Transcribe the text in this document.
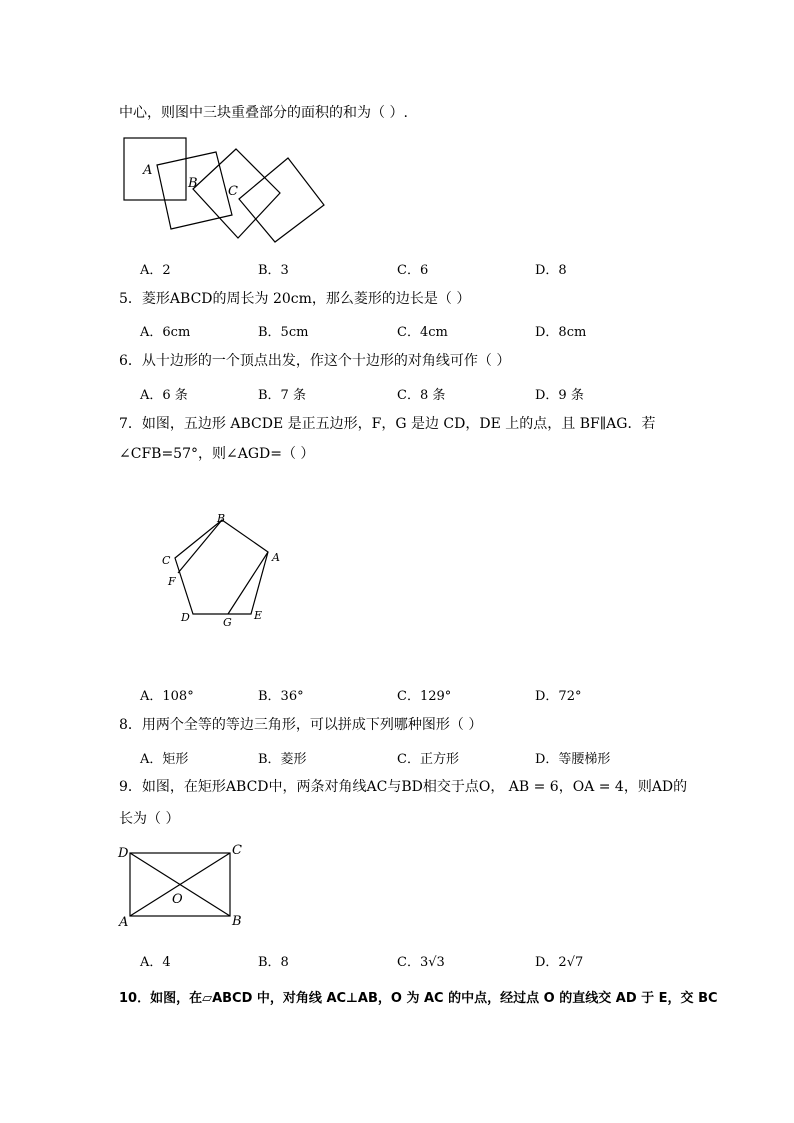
中心，则图中三块重叠部分的面积的和为（ ）.
A
B
C
A．2	B．3	C．6	D．8
5．菱形ABCD的周长为 20cm，那么菱形的边长是（ ）
A．6cm	B．5cm	C．4cm	D．8cm
6．从十边形的一个顶点出发，作这个十边形的对角线可作（ ）
A．6 条	B．7 条	C．8 条	D．9 条
7．如图，五边形 ABCDE 是正五边形，F，G 是边 CD，DE 上的点，且 BF∥AG．若
∠CFB=57°，则∠AGD=（ ）
B
C
F
A
D	G
E
A．108°	B．36°	C．129°	D．72°
8．用两个全等的等边三角形，可以拼成下列哪种图形（ ）
A．矩形	B．菱形	C．正方形	D．等腰梯形
9．如图，在矩形ABCD中，两条对角线AC与BD相交于点O， AB = 6，OA = 4，则AD的
长为（ ）
D	C
O
A	B
A．4	B．8	C．3√3	D．2√7
10．如图，在▱ABCD 中，对角线 AC⊥AB，O 为 AC 的中点，经过点 O 的直线交 AD 于 E，交 BC
